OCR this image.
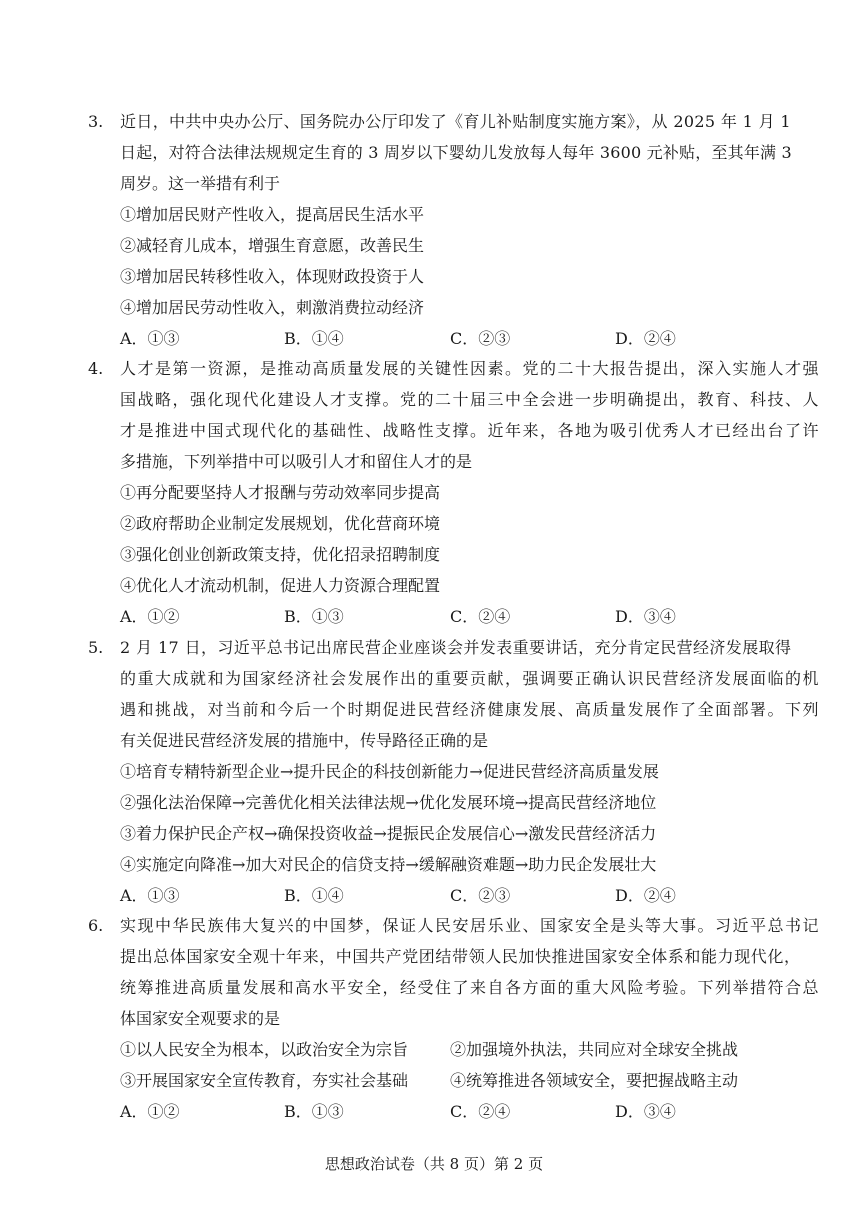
3. 近日，中共中央办公厅、国务院办公厅印发了《育儿补贴制度实施方案》，从 2025 年 1 月 1
日起，对符合法律法规规定生育的 3 周岁以下婴幼儿发放每人每年 3600 元补贴，至其年满 3
周岁。这一举措有利于
①增加居民财产性收入，提高居民生活水平
②减轻育儿成本，增强生育意愿，改善民生
③增加居民转移性收入，体现财政投资于人
④增加居民劳动性收入，刺激消费拉动经济
A．①③	B．①④	C．②③	D．②④
4. 人才是第一资源，是推动高质量发展的关键性因素。党的二十大报告提出，深入实施人才强
国战略，强化现代化建设人才支撑。党的二十届三中全会进一步明确提出，教育、科技、人
才是推进中国式现代化的基础性、战略性支撑。近年来，各地为吸引优秀人才已经出台了许
多措施，下列举措中可以吸引人才和留住人才的是
①再分配要坚持人才报酬与劳动效率同步提高
②政府帮助企业制定发展规划，优化营商环境
③强化创业创新政策支持，优化招录招聘制度
④优化人才流动机制，促进人力资源合理配置
A．①②	B．①③	C．②④	D．③④
5. 2 月 17 日，习近平总书记出席民营企业座谈会并发表重要讲话，充分肯定民营经济发展取得
的重大成就和为国家经济社会发展作出的重要贡献，强调要正确认识民营经济发展面临的机
遇和挑战，对当前和今后一个时期促进民营经济健康发展、高质量发展作了全面部署。下列
有关促进民营经济发展的措施中，传导路径正确的是
①培育专精特新型企业→提升民企的科技创新能力→促进民营经济高质量发展
②强化法治保障→完善优化相关法律法规→优化发展环境→提高民营经济地位
③着力保护民企产权→确保投资收益→提振民企发展信心→激发民营经济活力
④实施定向降准→加大对民企的信贷支持→缓解融资难题→助力民企发展壮大
A．①③	B．①④	C．②③	D．②④
6. 实现中华民族伟大复兴的中国梦，保证人民安居乐业、国家安全是头等大事。习近平总书记
提出总体国家安全观十年来，中国共产党团结带领人民加快推进国家安全体系和能力现代化，
统筹推进高质量发展和高水平安全，经受住了来自各方面的重大风险考验。下列举措符合总
体国家安全观要求的是
①以人民安全为根本，以政治安全为宗旨	②加强境外执法，共同应对全球安全挑战
③开展国家安全宣传教育，夯实社会基础	④统筹推进各领域安全，要把握战略主动
A．①②	B．①③	C．②④	D．③④
思想政治试卷（共 8 页）第 2 页
